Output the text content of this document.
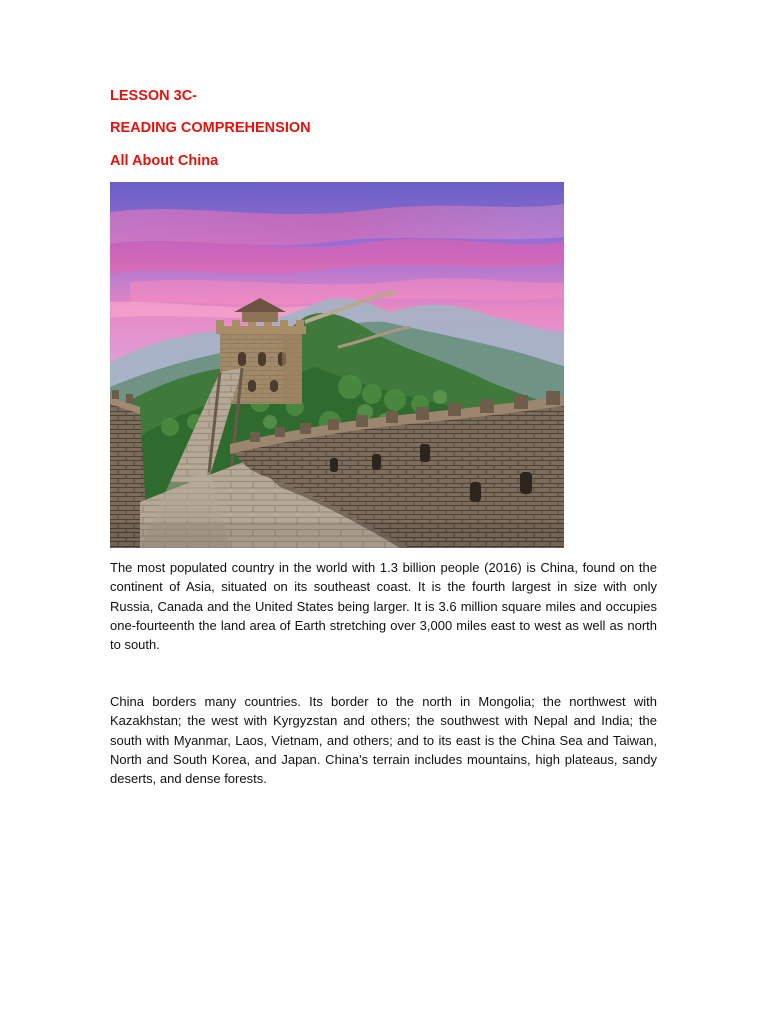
LESSON 3C-
READING COMPREHENSION
All About China

The most populated country in the world with 1.3 billion people (2016) is China, found on the continent of Asia, situated on its southeast coast. It is the fourth largest in size with only Russia, Canada and the United States being larger. It is 3.6 million square miles and occupies one-fourteenth the land area of Earth stretching over 3,000 miles east to west as well as north to south.

China borders many countries. Its border to the north in Mongolia; the northwest with Kazakhstan; the west with Kyrgyzstan and others; the southwest with Nepal and India; the south with Myanmar, Laos, Vietnam, and others; and to its east is the China Sea and Taiwan, North and South Korea, and Japan. China's terrain includes mountains, high plateaus, sandy deserts, and dense forests.
